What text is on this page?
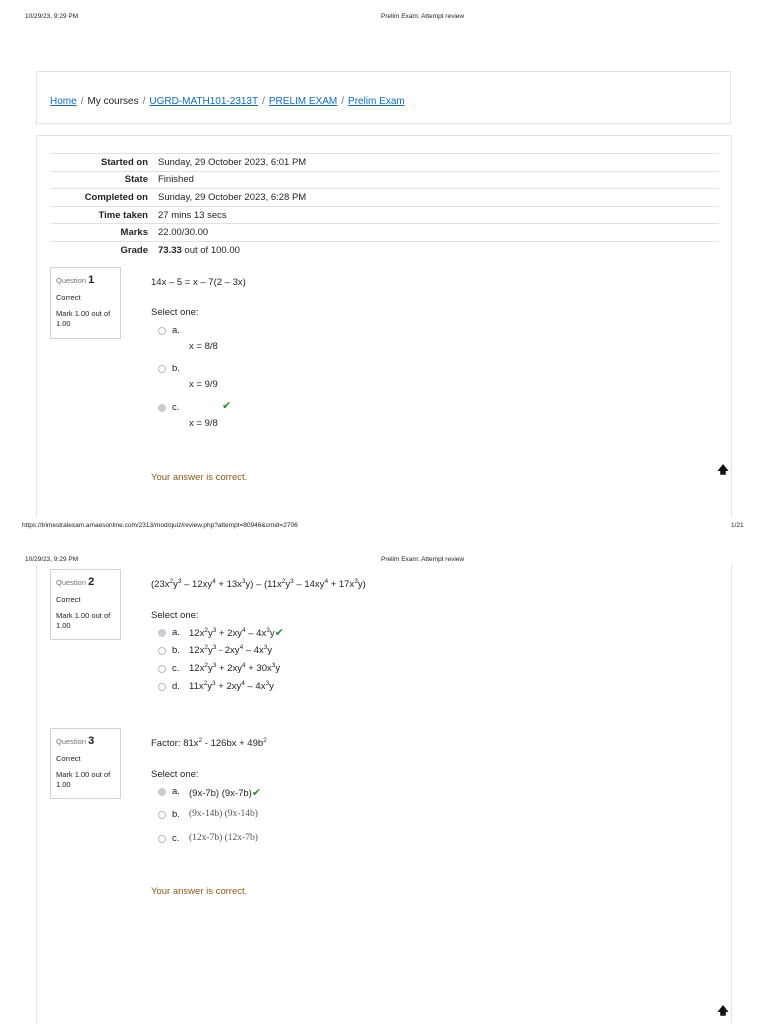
10/29/23, 9:29 PM	Prelim Exam: Attempt review
Home / My courses / UGRD-MATH101-2313T / PRELIM EXAM / Prelim Exam
Started on	Sunday, 29 October 2023, 6:01 PM
State	Finished
Completed on	Sunday, 29 October 2023, 6:28 PM
Time taken	27 mins 13 secs
Marks	22.00/30.00
Grade	73.33 out of 100.00
Question 1
Correct
Mark 1.00 out of 1.00
14x – 5 = x – 7(2 – 3x)
Select one:
a.
x = 8/8
b.
x = 9/9
c.	✔
x = 9/8
Your answer is correct.
🡅
https://trimestralexam.amaesonline.com/2313/mod/quiz/review.php?attempt=80946&cmid=2706	1/21
10/29/23, 9:29 PM	Prelim Exam: Attempt review
Question 2
Correct
Mark 1.00 out of 1.00
$(23x^2y^3 - 12xy^4 + 13x^3y) - (11x^2y^3 - 14xy^4 + 17x^3y)$
Select one:
a. $12x^2y^3 + 2xy^4$ – $4x^3y✔$
b. $12x^2y^3 - 2xy^4 - 4x^3y$
c. $12x^2y^3 + 2xy^4 + 30x^3y$
d. $11x^2y^3 + 2xy^4 - 4x^3y$
Question 3
Correct
Mark 1.00 out of 1.00
Factor: $81x^2 - 126bx + 49b^2$
Select one:
a. (9x-7b) (9x-7b)✔
b. (9x-14b) (9x-14b)
c. (12x-7b) (12x-7b)
Your answer is correct.
🡅
